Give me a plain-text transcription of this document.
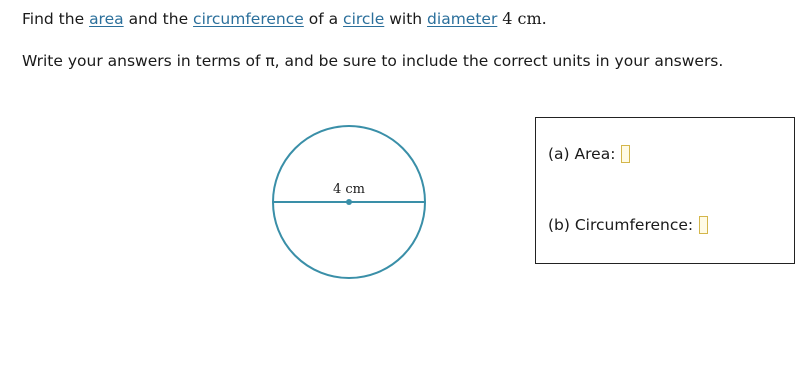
Find the area and the circumference of a circle with diameter 4 cm.
Write your answers in terms of π, and be sure to include the correct units in your answers.
4 cm
(a) Area:
(b) Circumference:
